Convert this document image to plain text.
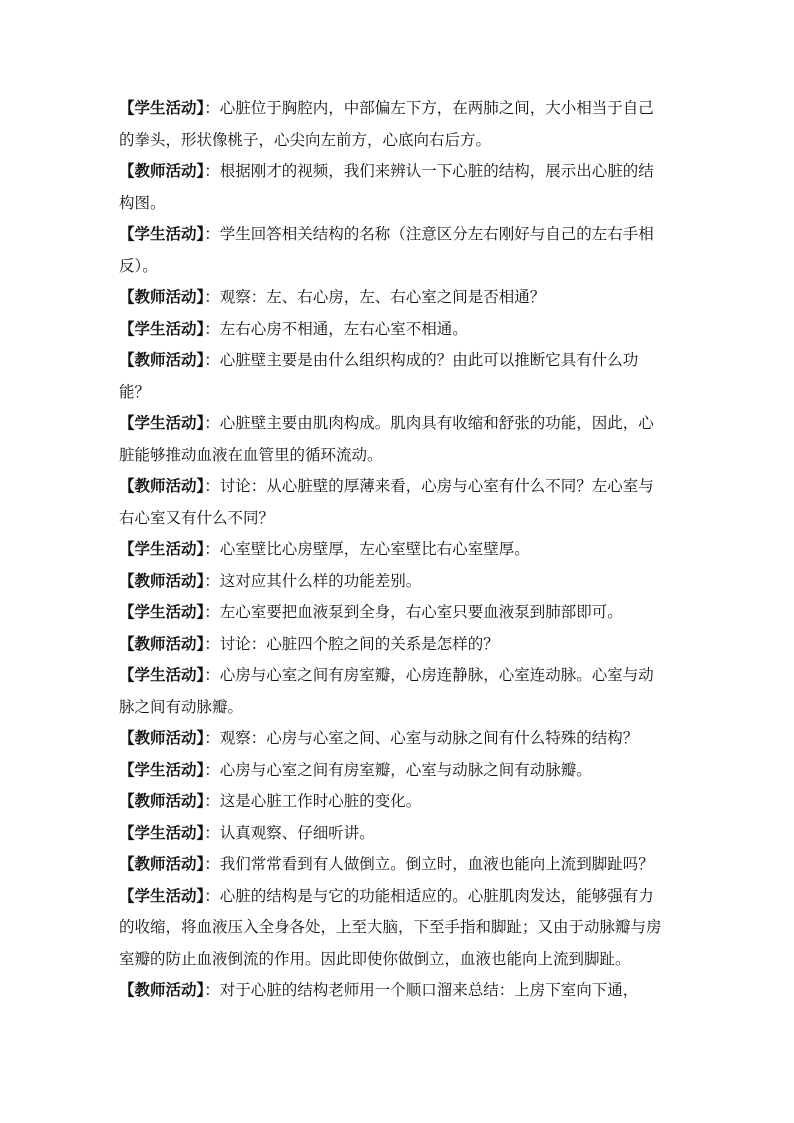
【学生活动】：心脏位于胸腔内，中部偏左下方，在两肺之间，大小相当于自己
的拳头，形状像桃子，心尖向左前方，心底向右后方。
【教师活动】：根据刚才的视频，我们来辨认一下心脏的结构，展示出心脏的结
构图。
【学生活动】：学生回答相关结构的名称（注意区分左右刚好与自己的左右手相
反）。
【教师活动】：观察：左、右心房，左、右心室之间是否相通？
【学生活动】：左右心房不相通，左右心室不相通。
【教师活动】：心脏壁主要是由什么组织构成的？由此可以推断它具有什么功
能？
【学生活动】：心脏壁主要由肌肉构成。肌肉具有收缩和舒张的功能，因此，心
脏能够推动血液在血管里的循环流动。
【教师活动】：讨论：从心脏壁的厚薄来看，心房与心室有什么不同？左心室与
右心室又有什么不同？
【学生活动】：心室壁比心房壁厚，左心室壁比右心室壁厚。
【教师活动】：这对应其什么样的功能差别。
【学生活动】：左心室要把血液泵到全身，右心室只要血液泵到肺部即可。
【教师活动】：讨论：心脏四个腔之间的关系是怎样的？
【学生活动】：心房与心室之间有房室瓣，心房连静脉，心室连动脉。心室与动
脉之间有动脉瓣。
【教师活动】：观察：心房与心室之间、心室与动脉之间有什么特殊的结构？
【学生活动】：心房与心室之间有房室瓣，心室与动脉之间有动脉瓣。
【教师活动】：这是心脏工作时心脏的变化。
【学生活动】：认真观察、仔细听讲。
【教师活动】：我们常常看到有人做倒立。倒立时，血液也能向上流到脚趾吗？
【学生活动】：心脏的结构是与它的功能相适应的。心脏肌肉发达，能够强有力
的收缩，将血液压入全身各处，上至大脑，下至手指和脚趾；又由于动脉瓣与房
室瓣的防止血液倒流的作用。因此即使你做倒立，血液也能向上流到脚趾。
【教师活动】：对于心脏的结构老师用一个顺口溜来总结：上房下室向下通，
